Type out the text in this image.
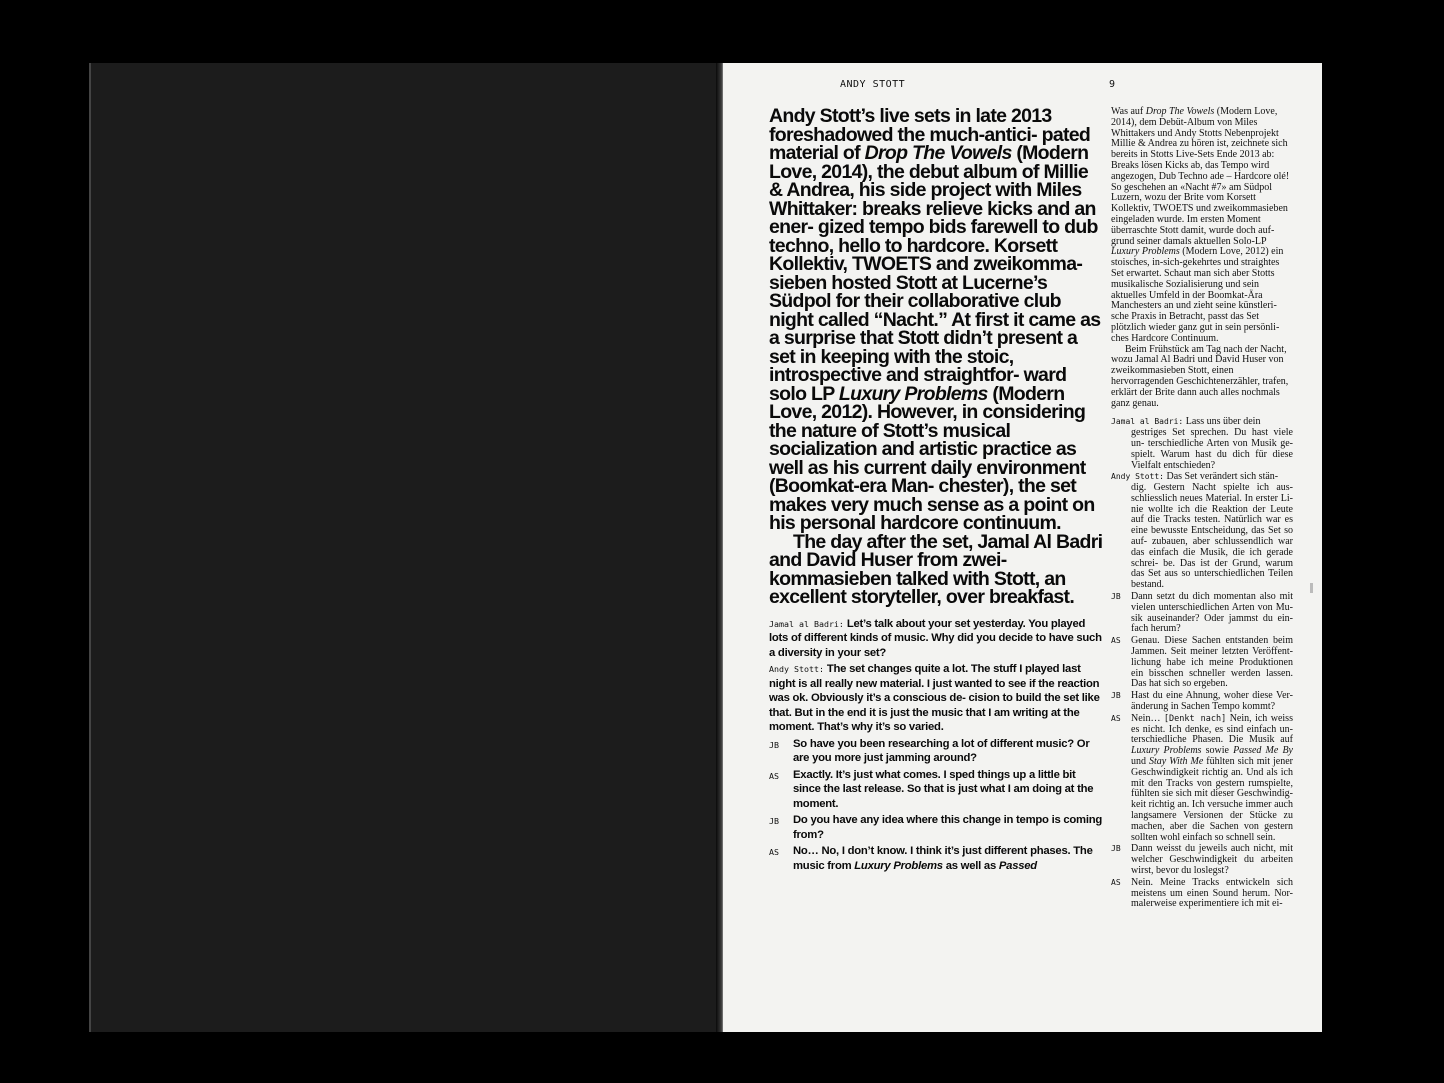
ANDY STOTT	9

Andy Stott’s live sets in late 2013 foreshadowed the much-antici- pated material of Drop The Vowels (Modern Love, 2014), the debut album of Millie & Andrea, his side project with Miles Whittaker: breaks relieve kicks and an ener- gized tempo bids farewell to dub techno, hello to hardcore. Korsett Kollektiv, TWOETS and zweikomma- sieben hosted Stott at Lucerne’s Südpol for their collaborative club night called “Nacht.” At first it came as a surprise that Stott didn’t present a set in keeping with the stoic, introspective and straightfor- ward solo LP Luxury Problems (Modern Love, 2012). However, in considering the nature of Stott’s musical socialization and artistic practice as well as his current daily environment (Boomkat-era Man- chester), the set makes very much sense as a point on his personal hardcore continuum.

The day after the set, Jamal Al Badri and David Huser from zwei- kommasieben talked with Stott, an excellent storyteller, over breakfast.

Jamal al Badri: Let’s talk about your set yesterday. You played lots of different kinds of music. Why did you decide to have such a diversity in your set?
Andy Stott: The set changes quite a lot. The stuff I played last night is all really new material. I just wanted to see if the reaction was ok. Obviously it’s a conscious de- cision to build the set like that. But in the end it is just the music that I am writing at the moment. That’s why it’s so varied.
JB So have you been researching a lot of different music? Or are you more just jamming around?
AS Exactly. It’s just what comes. I sped things up a little bit since the last release. So that is just what I am doing at the moment.
JB Do you have any idea where this change in tempo is coming from?
AS No… No, I don’t know. I think it’s just different phases. The music from Luxury Problems as well as Passed

Was auf Drop The Vowels (Modern Love, 2014), dem Debüt-Album von Miles Whittakers und Andy Stotts Nebenprojekt Millie & Andrea zu hören ist, zeichnete sich bereits in Stotts Live-Sets Ende 2013 ab: Breaks lösen Kicks ab, das Tempo wird angezogen, Dub Techno ade – Hardcore olé! So geschehen an «Nacht #7» am Südpol Luzern, wozu der Brite vom Korsett Kollektiv, TWOETS und zweikommasieben eingeladen wurde. Im ersten Moment überraschte Stott damit, wurde doch auf- grund seiner damals aktuellen Solo-LP Luxury Problems (Modern Love, 2012) ein stoisches, in-sich-gekehrtes und straightes Set erwartet. Schaut man sich aber Stotts musikalische Sozialisierung und sein aktuelles Umfeld in der Boomkat-Ära Manchesters an und zieht seine künstleri- sche Praxis in Betracht, passt das Set plötzlich wieder ganz gut in sein persönli- ches Hardcore Continuum.

Beim Frühstück am Tag nach der Nacht, wozu Jamal Al Badri und David Huser von zweikommasieben Stott, einen hervorragenden Geschichtenerzähler, trafen, erklärt der Brite dann auch alles nochmals ganz genau.

Jamal al Badri: Lass uns über dein
gestriges Set sprechen. Du hast viele un- terschiedliche Arten von Musik ge- spielt. Warum hast du dich für diese Vielfalt entschieden?
Andy Stott: Das Set verändert sich stän-
dig. Gestern Nacht spielte ich aus- schliesslich neues Material. In erster Li- nie wollte ich die Reaktion der Leute auf die Tracks testen. Natürlich war es eine bewusste Entscheidung, das Set so auf- zubauen, aber schlussendlich war das einfach die Musik, die ich gerade schrei- be. Das ist der Grund, warum das Set aus so unterschiedlichen Teilen bestand.
JB Dann setzt du dich momentan also mit vielen unterschiedlichen Arten von Mu- sik auseinander? Oder jammst du ein- fach herum?
AS Genau. Diese Sachen entstanden beim Jammen. Seit meiner letzten Veröffent- lichung habe ich meine Produktionen ein bisschen schneller werden lassen. Das hat sich so ergeben.
JB Hast du eine Ahnung, woher diese Ver- änderung in Sachen Tempo kommt?
AS Nein… [Denkt nach] Nein, ich weiss es nicht. Ich denke, es sind einfach un- terschiedliche Phasen. Die Musik auf Luxury Problems sowie Passed Me By und Stay With Me fühlten sich mit jener Geschwindigkeit richtig an. Und als ich mit den Tracks von gestern rumspielte, fühlten sie sich mit dieser Geschwindig- keit richtig an. Ich versuche immer auch langsamere Versionen der Stücke zu machen, aber die Sachen von gestern sollten wohl einfach so schnell sein.
JB Dann weisst du jeweils auch nicht, mit welcher Geschwindigkeit du arbeiten wirst, bevor du loslegst?
AS Nein. Meine Tracks entwickeln sich meistens um einen Sound herum. Nor- malerweise experimentiere ich mit ei-
